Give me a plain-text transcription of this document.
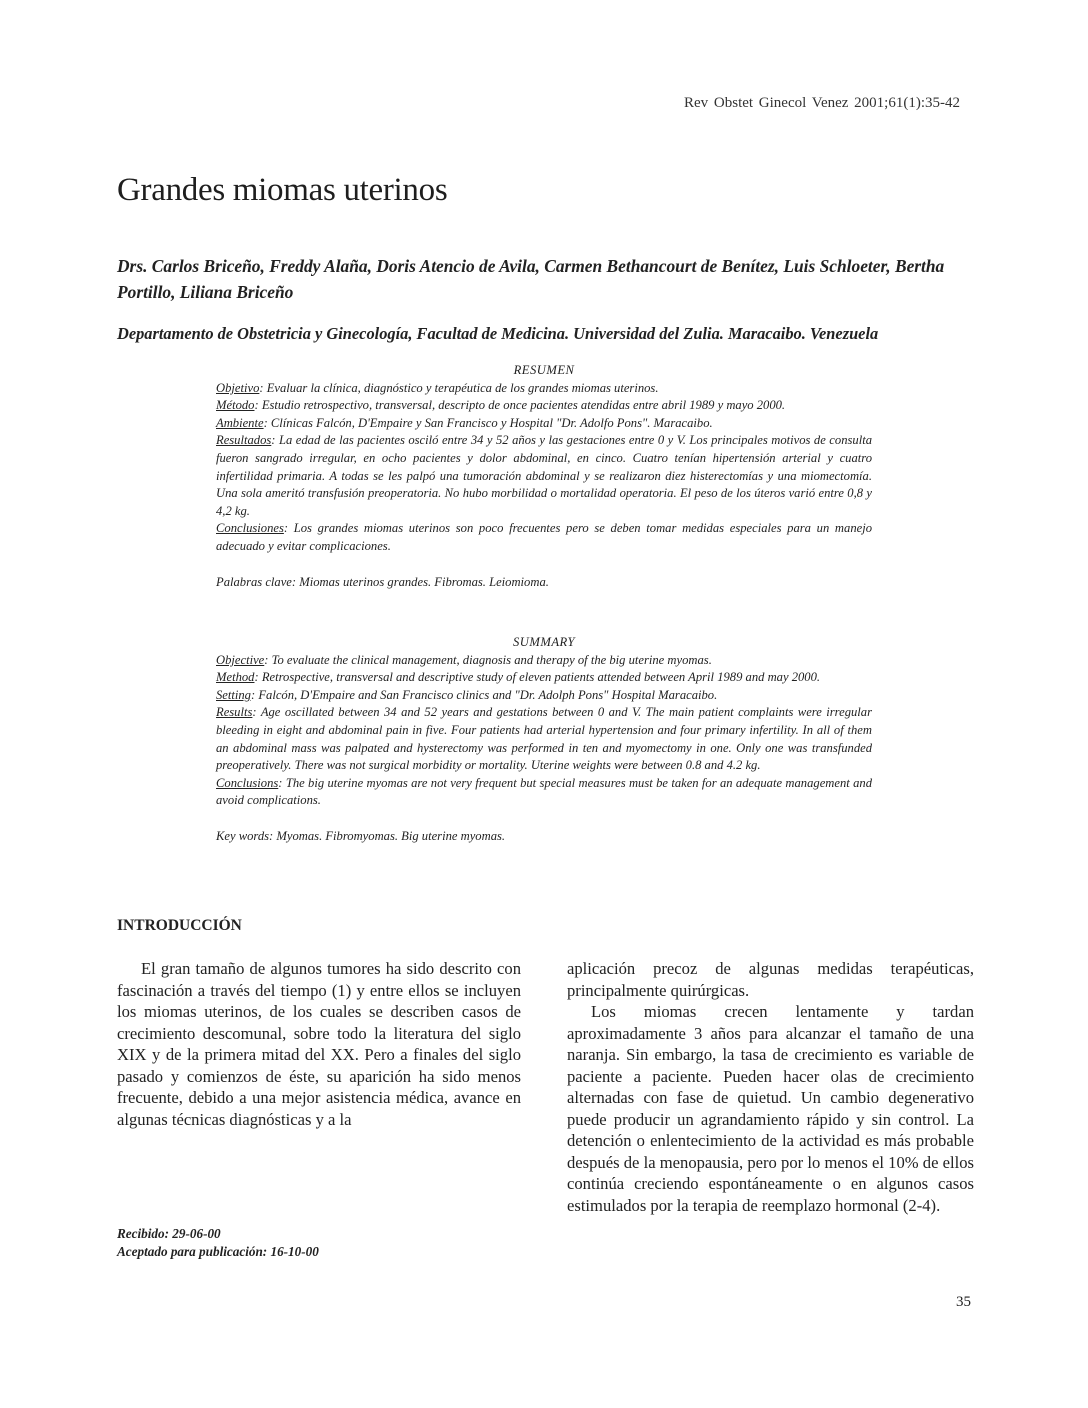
Rev Obstet Ginecol Venez 2001;61(1):35-42
Grandes miomas uterinos
Drs. Carlos Briceño, Freddy Alaña, Doris Atencio de Avila, Carmen Bethancourt de Benítez, Luis Schloeter, Bertha Portillo, Liliana Briceño
Departamento de Obstetricia y Ginecología, Facultad de Medicina. Universidad del Zulia. Maracaibo. Venezuela
RESUMEN

Objetivo: Evaluar la clínica, diagnóstico y terapéutica de los grandes miomas uterinos.

Método: Estudio retrospectivo, transversal, descripto de once pacientes atendidas entre abril 1989 y mayo 2000.

Ambiente: Clínicas Falcón, D'Empaire y San Francisco y Hospital "Dr. Adolfo Pons". Maracaibo.

Resultados: La edad de las pacientes osciló entre 34 y 52 años y las gestaciones entre 0 y V. Los principales motivos de consulta fueron sangrado irregular, en ocho pacientes y dolor abdominal, en cinco. Cuatro tenían hipertensión arterial y cuatro infertilidad primaria. A todas se les palpó una tumoración abdominal y se realizaron diez histerectomías y una miomectomía. Una sola ameritó transfusión preoperatoria. No hubo morbilidad o mortalidad operatoria. El peso de los úteros varió entre 0,8 y 4,2 kg.

Conclusiones: Los grandes miomas uterinos son poco frecuentes pero se deben tomar medidas especiales para un manejo adecuado y evitar complicaciones.

Palabras clave: Miomas uterinos grandes. Fibromas. Leiomioma.

SUMMARY

Objective: To evaluate the clinical management, diagnosis and therapy of the big uterine myomas.

Method: Retrospective, transversal and descriptive study of eleven patients attended between April 1989 and may 2000.

Setting: Falcón, D'Empaire and San Francisco clinics and "Dr. Adolph Pons" Hospital Maracaibo.

Results: Age oscillated between 34 and 52 years and gestations between 0 and V. The main patient complaints were irregular bleeding in eight and abdominal pain in five. Four patients had arterial hypertension and four primary infertility. In all of them an abdominal mass was palpated and hysterectomy was performed in ten and myomectomy in one. Only one was transfunded preoperatively. There was not surgical morbidity or mortality. Uterine weights were between 0.8 and 4.2 kg.

Conclusions: The big uterine myomas are not very frequent but special measures must be taken for an adequate management and avoid complications.

Key words: Myomas. Fibromyomas. Big uterine myomas.

INTRODUCCIÓN

El gran tamaño de algunos tumores ha sido descrito con fascinación a través del tiempo (1) y entre ellos se incluyen los miomas uterinos, de los cuales se describen casos de crecimiento descomunal, sobre todo la literatura del siglo XIX y de la primera mitad del XX. Pero a finales del siglo pasado y comienzos de éste, su aparición ha sido menos frecuente, debido a una mejor asistencia médica, avance en algunas técnicas diagnósticas y a la

aplicación precoz de algunas medidas terapéuticas, principalmente quirúrgicas.

Los miomas crecen lentamente y tardan aproximadamente 3 años para alcanzar el tamaño de una naranja. Sin embargo, la tasa de crecimiento es variable de paciente a paciente. Pueden hacer olas de crecimiento alternadas con fase de quietud. Un cambio degenerativo puede producir un agrandamiento rápido y sin control. La detención o enlentecimiento de la actividad es más probable después de la menopausia, pero por lo menos el 10% de ellos continúa creciendo espontáneamente o en algunos casos estimulados por la terapia de reemplazo hormonal (2-4).

Recibido: 29-06-00
Aceptado para publicación: 16-10-00
35
